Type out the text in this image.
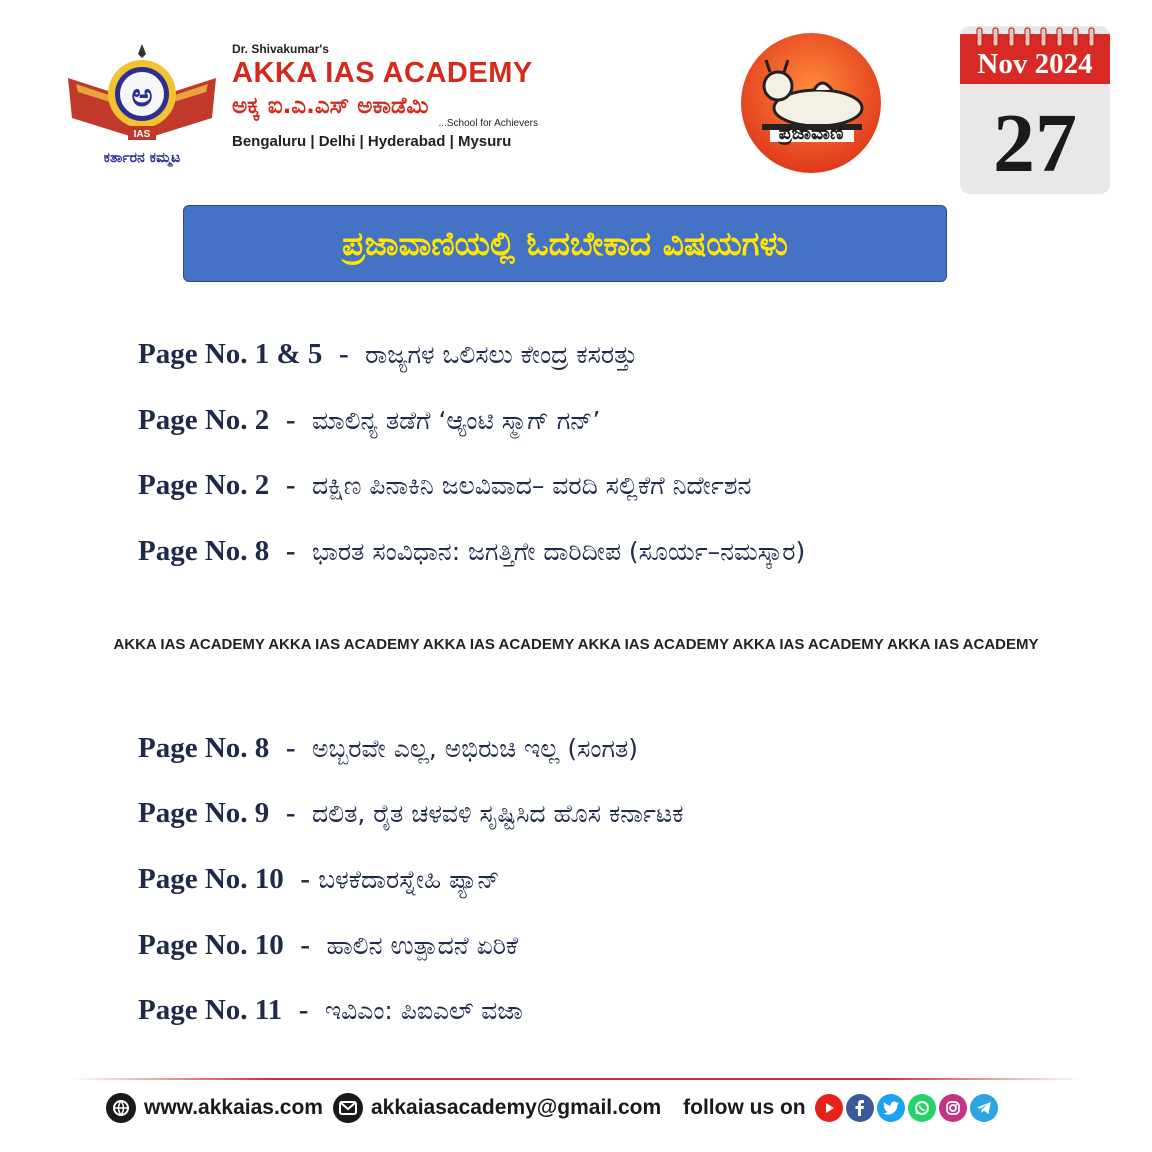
ಅ
IAS
ಕರ್ತಾರನ ಕಮ್ಮಟ
Dr. Shivakumar's
AKKA IAS ACADEMY
ಅಕ್ಕ ಐ.ಎ.ಎಸ್ ಅಕಾಡೆಮಿ
...School for Achievers
Bengaluru | Delhi | Hyderabad | Mysuru	ಪ್ರಜಾವಾಣಿ
Nov 2024
27
ಪ್ರಜಾವಾಣಿಯಲ್ಲಿ ಓದಬೇಕಾದ ವಿಷಯಗಳು
Page No. 1 & 5 - ರಾಜ್ಯಗಳ ಒಲಿಸಲು ಕೇಂದ್ರ ಕಸರತ್ತು
Page No. 2 - ಮಾಲಿನ್ಯ ತಡೆಗೆ ‘ಆ್ಯಂಟಿ ಸ್ಮಾಗ್ ಗನ್’
Page No. 2 - ದಕ್ಷಿಣ ಪಿನಾಕಿನಿ ಜಲವಿವಾದ– ವರದಿ ಸಲ್ಲಿಕೆಗೆ ನಿರ್ದೇಶನ
Page No. 8 - ಭಾರತ ಸಂವಿಧಾನ: ಜಗತ್ತಿಗೇ ದಾರಿದೀಪ (ಸೂರ್ಯ–ನಮಸ್ಕಾರ)
AKKA IAS ACADEMY AKKA IAS ACADEMY AKKA IAS ACADEMY AKKA IAS ACADEMY AKKA IAS ACADEMY AKKA IAS ACADEMY
Page No. 8 - ಅಬ್ಬರವೇ ಎಲ್ಲ, ಅಭಿರುಚಿ ಇಲ್ಲ (ಸಂಗತ)
Page No. 9 - ದಲಿತ, ರೈತ ಚಳವಳಿ ಸೃಷ್ಟಿಸಿದ ಹೊಸ ಕರ್ನಾಟಕ
Page No. 10 - ಬಳಕೆದಾರಸ್ನೇಹಿ ಪ್ಯಾನ್
Page No. 10 - ಹಾಲಿನ ಉತ್ಪಾದನೆ ಏರಿಕೆ
Page No. 11 - ಇವಿಎಂ: ಪಿಐಎಲ್ ವಜಾ
www.akkaias.com akkaiasacademy@gmail.com follow us on
